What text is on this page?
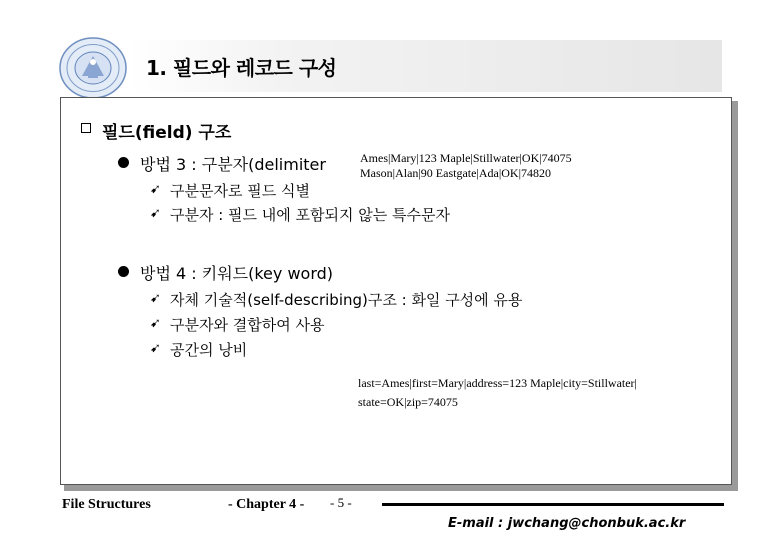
1. 필드와 레코드 구성
필드(field) 구조
방법 3 : 구분자(delimiter
➹ 구분문자로 필드 식별
➹ 구분자 : 필드 내에 포함되지 않는 특수문자
Ames|Mary|123 Maple|Stillwater|OK|74075
Mason|Alan|90 Eastgate|Ada|OK|74820
방법 4 : 키워드(key word)
➹ 자체 기술적(self-describing)구조 : 화일 구성에 유용
➹ 구분자와 결합하여 사용
➹ 공간의 낭비
last=Ames|first=Mary|address=123 Maple|city=Stillwater|
state=OK|zip=74075
File Structures	- Chapter 4 - - 5 -
E-mail : jwchang@chonbuk.ac.kr
